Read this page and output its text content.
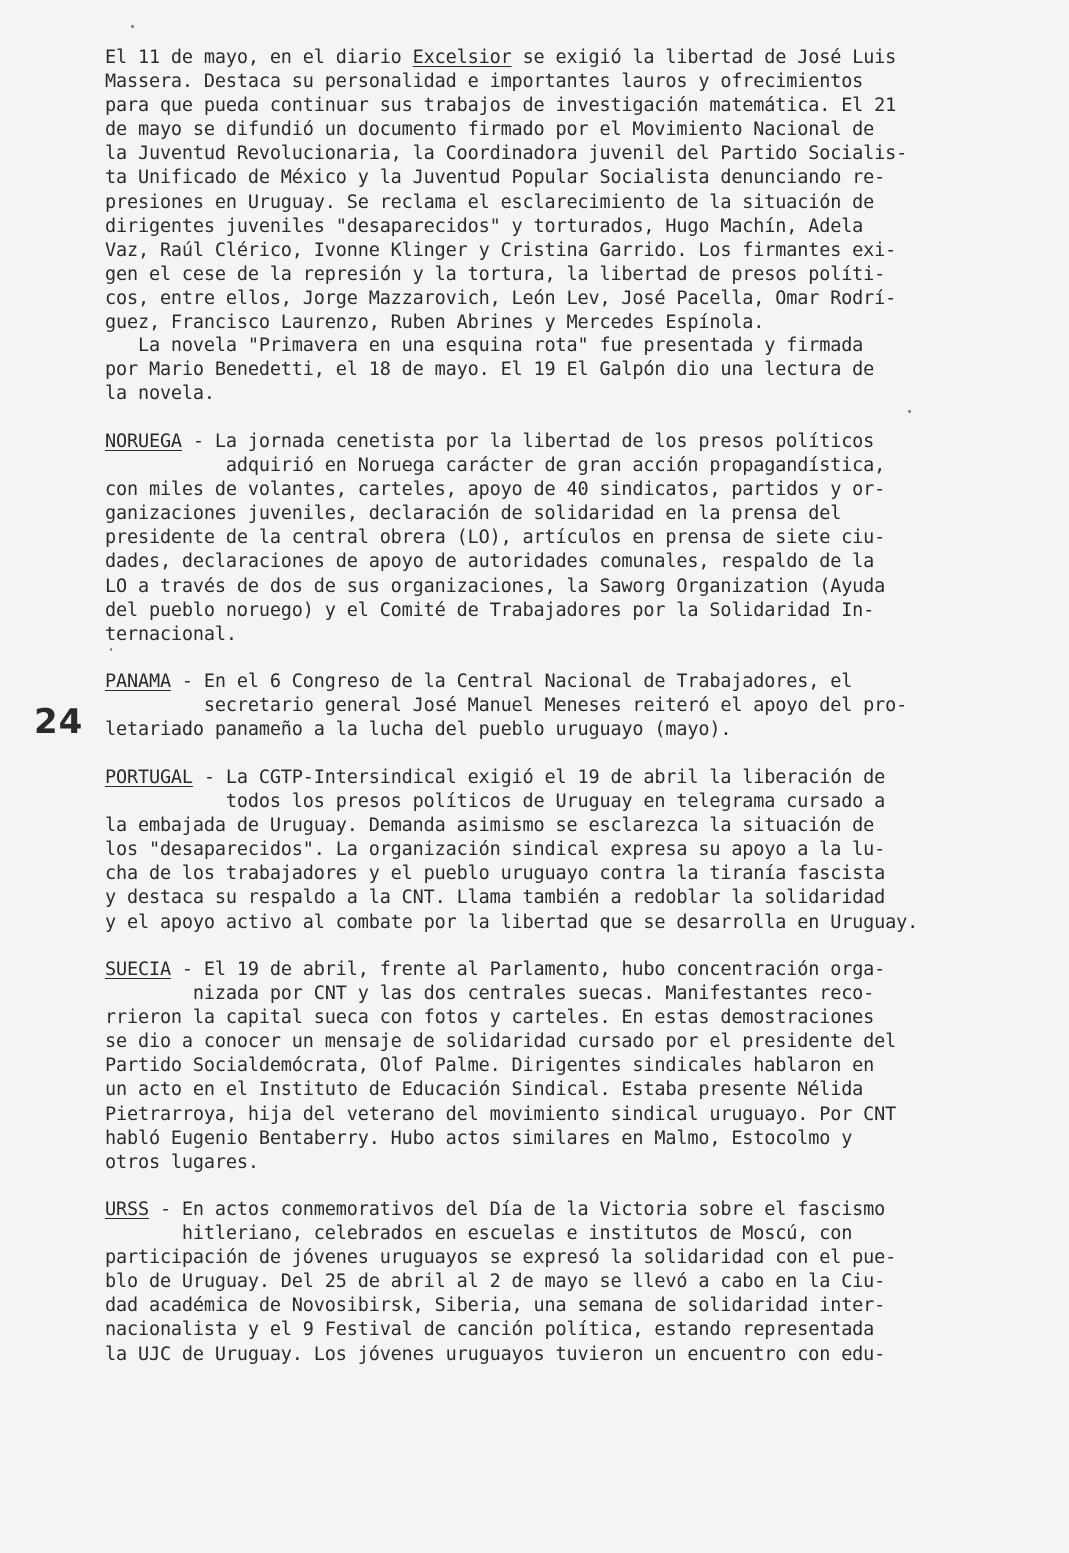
24
El 11 de mayo, en el diario Excelsior se exigió la libertad de José Luis
Massera. Destaca su personalidad e importantes lauros y ofrecimientos
para que pueda continuar sus trabajos de investigación matemática. El 21
de mayo se difundió un documento firmado por el Movimiento Nacional de
la Juventud Revolucionaria, la Coordinadora juvenil del Partido Socialis-
ta Unificado de México y la Juventud Popular Socialista denunciando re-
presiones en Uruguay. Se reclama el esclarecimiento de la situación de
dirigentes juveniles "desaparecidos" y torturados, Hugo Machín, Adela
Vaz, Raúl Clérico, Ivonne Klinger y Cristina Garrido. Los firmantes exi-
gen el cese de la represión y la tortura, la libertad de presos políti-
cos, entre ellos, Jorge Mazzarovich, León Lev, José Pacella, Omar Rodrí-
guez, Francisco Laurenzo, Ruben Abrines y Mercedes Espínola.
La novela "Primavera en una esquina rota" fue presentada y firmada
por Mario Benedetti, el 18 de mayo. El 19 El Galpón dio una lectura de
la novela.
NORUEGA - La jornada cenetista por la libertad de los presos políticos
adquirió en Noruega carácter de gran acción propagandística,
con miles de volantes, carteles, apoyo de 40 sindicatos, partidos y or-
ganizaciones juveniles, declaración de solidaridad en la prensa del
presidente de la central obrera (LO), artículos en prensa de siete ciu-
dades, declaraciones de apoyo de autoridades comunales, respaldo de la
LO a través de dos de sus organizaciones, la Saworg Organization (Ayuda
del pueblo noruego) y el Comité de Trabajadores por la Solidaridad In-
ternacional.
PANAMA - En el 6 Congreso de la Central Nacional de Trabajadores, el
secretario general José Manuel Meneses reiteró el apoyo del pro-
letariado panameño a la lucha del pueblo uruguayo (mayo).
PORTUGAL - La CGTP-Intersindical exigió el 19 de abril la liberación de
todos los presos políticos de Uruguay en telegrama cursado a
la embajada de Uruguay. Demanda asimismo se esclarezca la situación de
los "desaparecidos". La organización sindical expresa su apoyo a la lu-
cha de los trabajadores y el pueblo uruguayo contra la tiranía fascista
y destaca su respaldo a la CNT. Llama también a redoblar la solidaridad
y el apoyo activo al combate por la libertad que se desarrolla en Uruguay.
SUECIA - El 19 de abril, frente al Parlamento, hubo concentración orga-
nizada por CNT y las dos centrales suecas. Manifestantes reco-
rrieron la capital sueca con fotos y carteles. En estas demostraciones
se dio a conocer un mensaje de solidaridad cursado por el presidente del
Partido Socialdemócrata, Olof Palme. Dirigentes sindicales hablaron en
un acto en el Instituto de Educación Sindical. Estaba presente Nélida
Pietrarroya, hija del veterano del movimiento sindical uruguayo. Por CNT
habló Eugenio Bentaberry. Hubo actos similares en Malmo, Estocolmo y
otros lugares.
URSS - En actos conmemorativos del Día de la Victoria sobre el fascismo
hitleriano, celebrados en escuelas e institutos de Moscú, con
participación de jóvenes uruguayos se expresó la solidaridad con el pue-
blo de Uruguay. Del 25 de abril al 2 de mayo se llevó a cabo en la Ciu-
dad académica de Novosibirsk, Siberia, una semana de solidaridad inter-
nacionalista y el 9 Festival de canción política, estando representada
la UJC de Uruguay. Los jóvenes uruguayos tuvieron un encuentro con edu-
